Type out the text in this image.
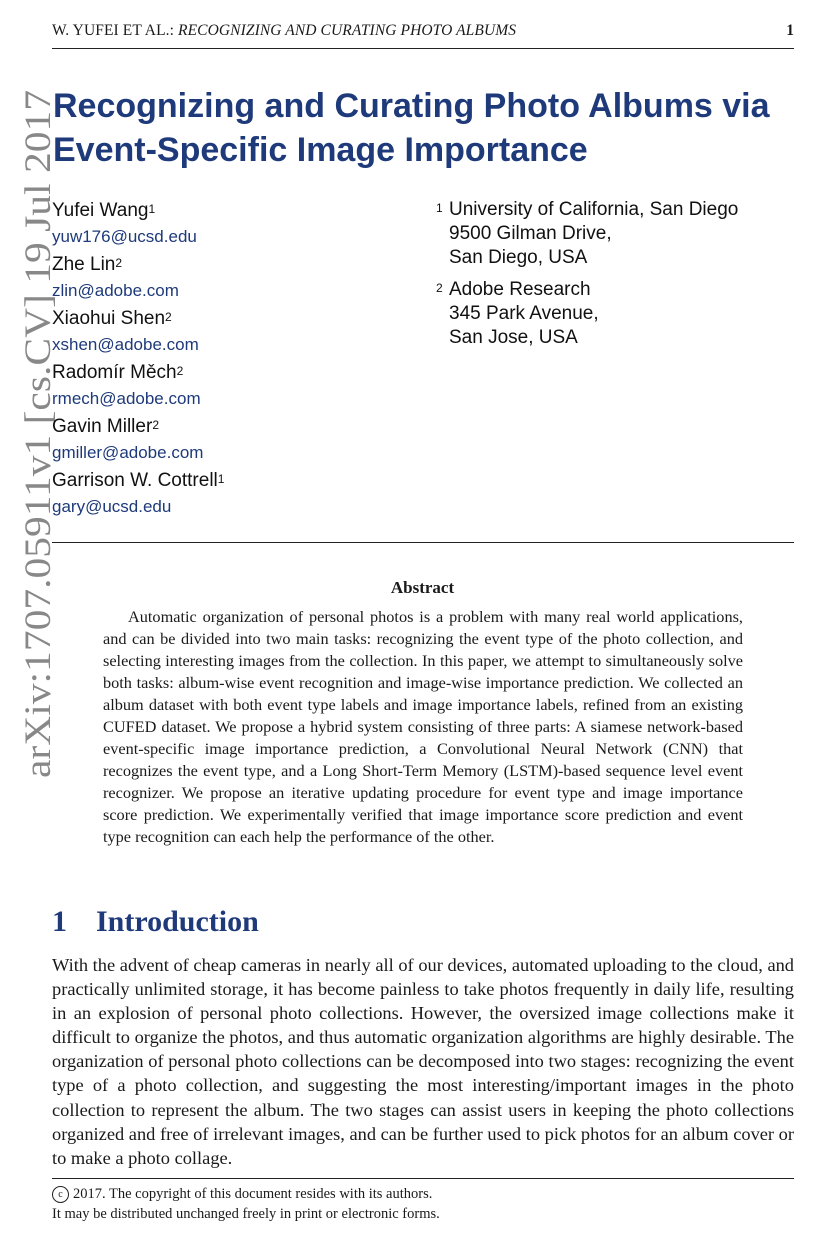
W. YUFEI ET AL.: RECOGNIZING AND CURATING PHOTO ALBUMS	1
arXiv:1707.05911v1 [cs.CV] 19 Jul 2017
Recognizing and Curating Photo Albums via
Event-Specific Image Importance
Yufei Wang$^1$
yuw176@ucsd.edu
Zhe Lin$^2$
zlin@adobe.com
Xiaohui Shen$^2$
xshen@adobe.com
Radomír Měch$^2$
rmech@adobe.com
Gavin Miller$^2$
gmiller@adobe.com
Garrison W. Cottrell$^1$
gary@ucsd.edu
1 University of California, San Diego
9500 Gilman Drive,
San Diego, USA
2 Adobe Research
345 Park Avenue,
San Jose, USA
Abstract
Automatic organization of personal photos is a problem with many real world applications, and can be divided into two main tasks: recognizing the event type of the photo collection, and selecting interesting images from the collection. In this paper, we attempt to simultaneously solve both tasks: album-wise event recognition and image-wise importance prediction. We collected an album dataset with both event type labels and image importance labels, refined from an existing CUFED dataset. We propose a hybrid system consisting of three parts: A siamese network-based event-specific image importance prediction, a Convolutional Neural Network (CNN) that recognizes the event type, and a Long Short-Term Memory (LSTM)-based sequence level event recognizer. We propose an iterative updating procedure for event type and image importance score prediction. We experimentally verified that image importance score prediction and event type recognition can each help the performance of the other.
1 Introduction
With the advent of cheap cameras in nearly all of our devices, automated uploading to the cloud, and practically unlimited storage, it has become painless to take photos frequently in daily life, resulting in an explosion of personal photo collections. However, the oversized image collections make it difficult to organize the photos, and thus automatic organization algorithms are highly desirable. The organization of personal photo collections can be decomposed into two stages: recognizing the event type of a photo collection, and suggesting the most interesting/important images in the photo collection to represent the album. The two stages can assist users in keeping the photo collections organized and free of irrelevant images, and can be further used to pick photos for an album cover or to make a photo collage.
c 2017. The copyright of this document resides with its authors.
It may be distributed unchanged freely in print or electronic forms.
